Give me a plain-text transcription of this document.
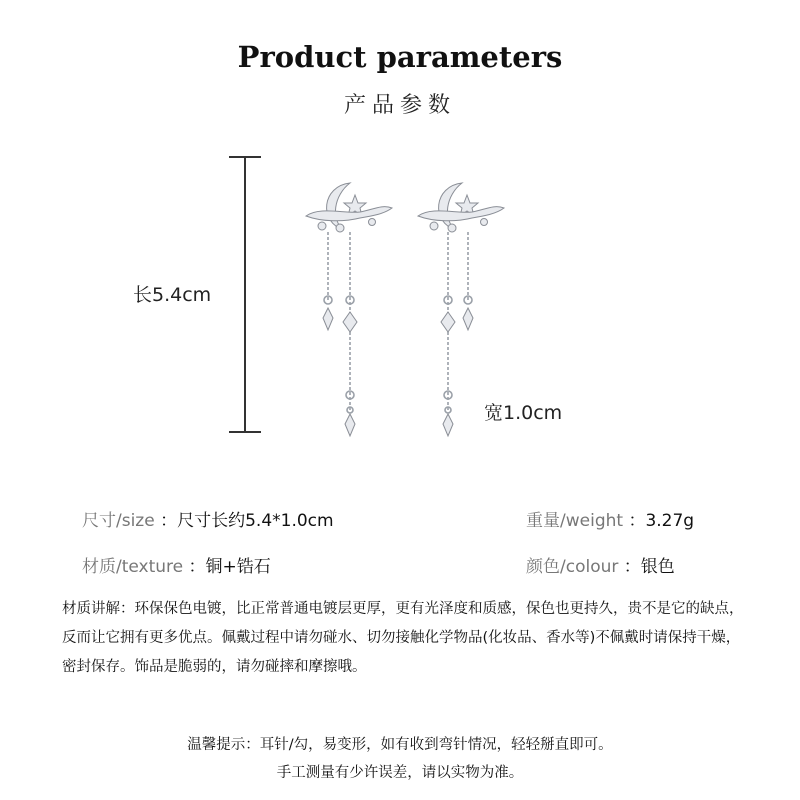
Product parameters
产品参数
长5.4cm
宽1.0cm
尺寸/size ：尺寸长约5.4*1.0cm	重量/weight ：3.27g
材质/texture ：铜+锆石	颜色/colour ：银色
材质讲解：环保保色电镀，比正常普通电镀层更厚，更有光泽度和质感，保色也更持久，贵不是它的缺点，反而让它拥有更多优点。佩戴过程中请勿碰水、切勿接触化学物品(化妆品、香水等)不佩戴时请保持干燥，密封保存。饰品是脆弱的，请勿碰摔和摩擦哦。
温馨提示：耳针/勾，易变形，如有收到弯针情况，轻轻掰直即可。
手工测量有少许误差，请以实物为准。
